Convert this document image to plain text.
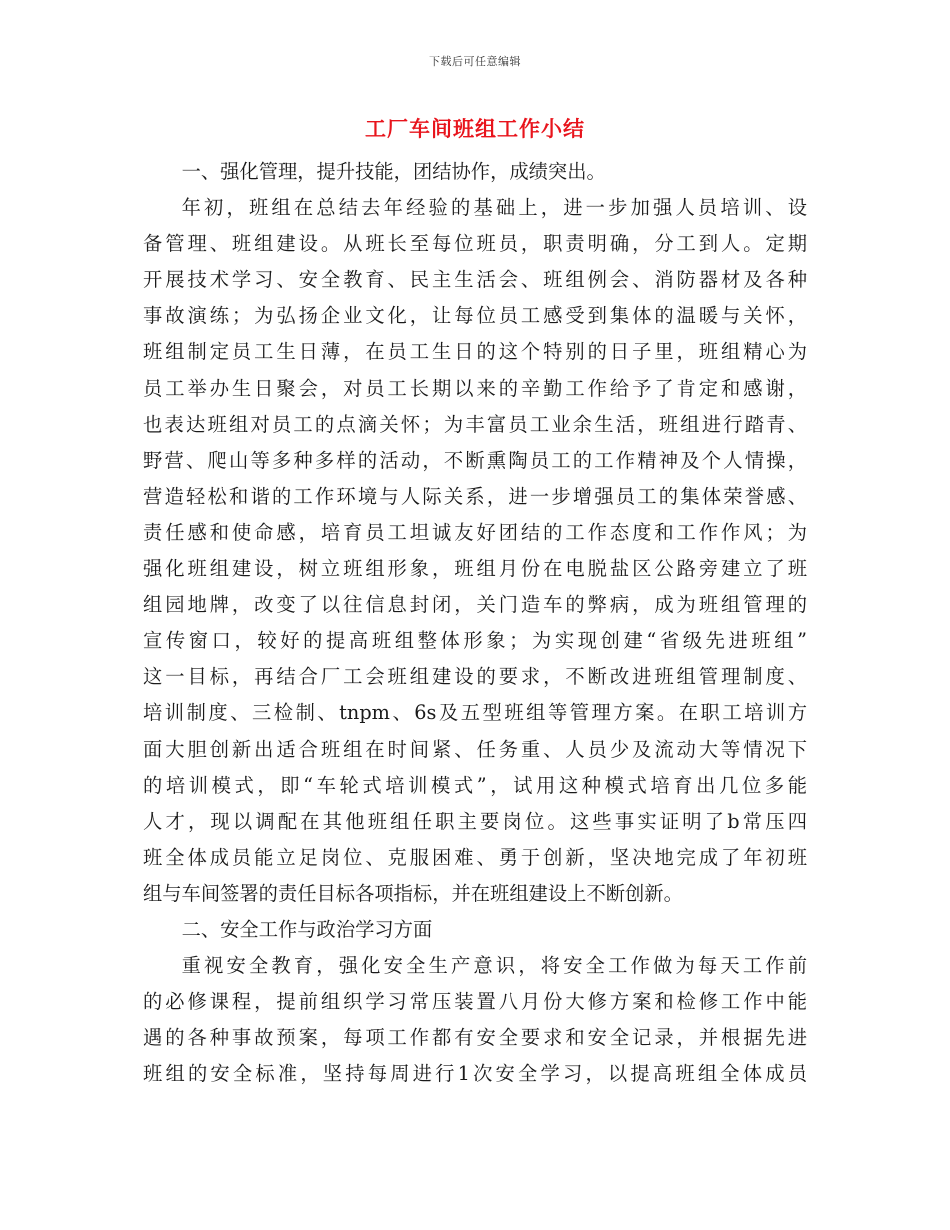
下载后可任意编辑
工厂车间班组工作小结

一、强化管理，提升技能，团结协作，成绩突出。

年初，班组在总结去年经验的基础上，进一步加强人员培训、设
备管理、班组建设。从班长至每位班员，职责明确，分工到人。定期
开展技术学习、安全教育、民主生活会、班组例会、消防器材及各种
事故演练；为弘扬企业文化，让每位员工感受到集体的温暖与关怀，
班组制定员工生日薄，在员工生日的这个特别的日子里，班组精心为
员工举办生日聚会，对员工长期以来的辛勤工作给予了肯定和感谢，
也表达班组对员工的点滴关怀；为丰富员工业余生活，班组进行踏青、
野营、爬山等多种多样的活动，不断熏陶员工的工作精神及个人情操，
营造轻松和谐的工作环境与人际关系，进一步增强员工的集体荣誉感、
责任感和使命感，培育员工坦诚友好团结的工作态度和工作作风；为
强化班组建设，树立班组形象，班组月份在电脱盐区公路旁建立了班
组园地牌，改变了以往信息封闭，关门造车的弊病，成为班组管理的
宣传窗口，较好的提高班组整体形象；为实现创建“省级先进班组”
这一目标，再结合厂工会班组建设的要求，不断改进班组管理制度、
培训制度、三检制、tnpm、6s及五型班组等管理方案。在职工培训方
面大胆创新出适合班组在时间紧、任务重、人员少及流动大等情况下
的培训模式，即“车轮式培训模式”，试用这种模式培育出几位多能
人才，现以调配在其他班组任职主要岗位。这些事实证明了b常压四
班全体成员能立足岗位、克服困难、勇于创新，坚决地完成了年初班
组与车间签署的责任目标各项指标，并在班组建设上不断创新。

二、安全工作与政治学习方面

重视安全教育，强化安全生产意识，将安全工作做为每天工作前
的必修课程，提前组织学习常压装置八月份大修方案和检修工作中能
遇的各种事故预案，每项工作都有安全要求和安全记录，并根据先进
班组的安全标准，坚持每周进行1次安全学习，以提高班组全体成员
